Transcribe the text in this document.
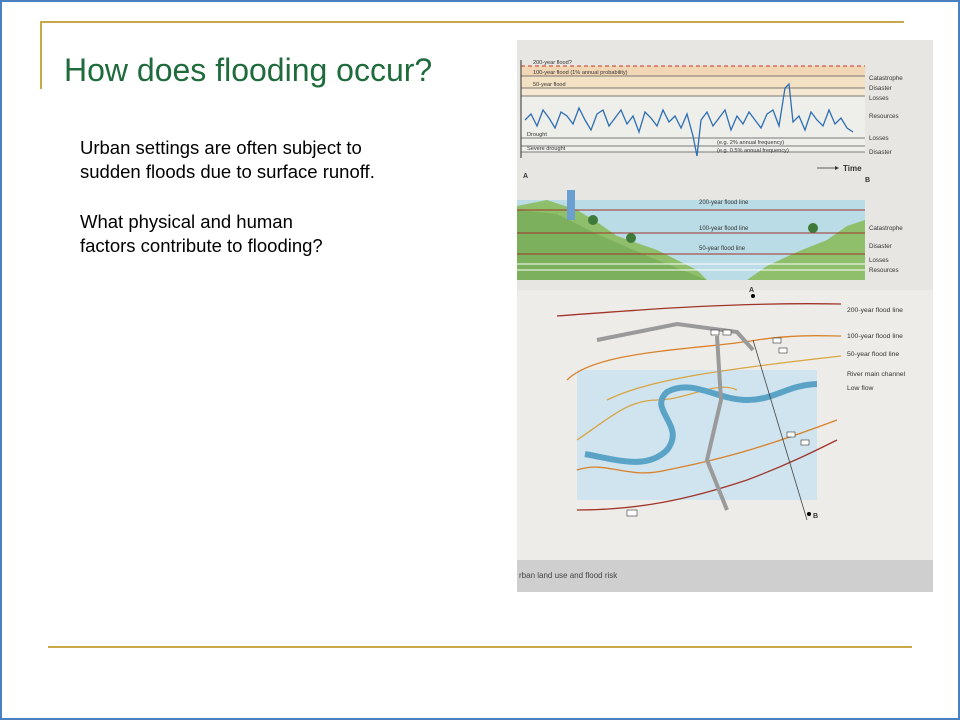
How does flooding occur?

Urban settings are often subject to

sudden floods due to surface runoff.

What physical and human

factors contribute to flooding?

200-year flood?
100-year flood (1% annual probability)
50-year flood
Drought
Severe drought
(e.g. 2% annual frequency)
(e.g. 0.5% annual frequency)
Catastrophe
Disaster
Losses
Resources
Losses
Disaster
Time
A
B
200-year flood line
100-year flood line
50-year flood line
Catastrophe
Disaster
Losses
Resources
A
B
200-year flood line
100-year flood line
50-year flood line
River main channel
Low flow
rban land use and flood risk
